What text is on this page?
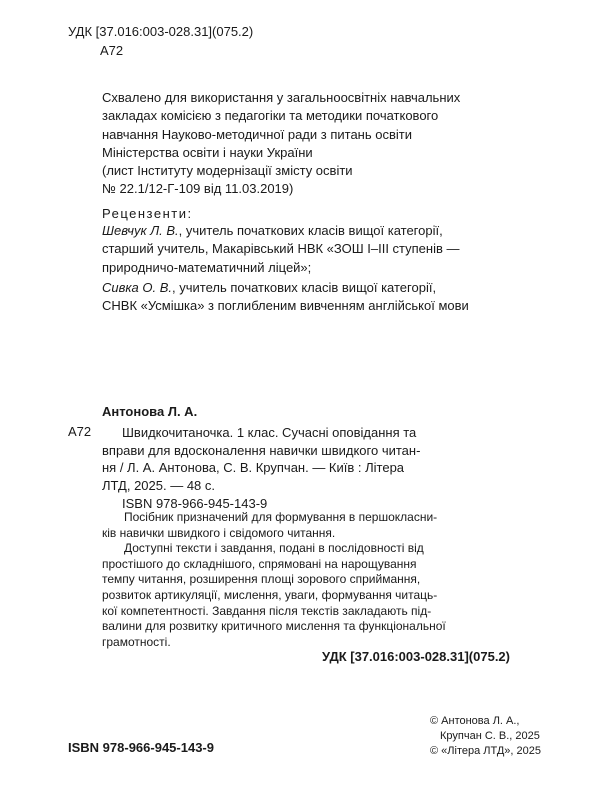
УДК [37.016:003-028.31](075.2)
А72
Схвалено для використання у загальноосвітніх навчальних
закладах комісією з педагогіки та методики початкового
навчання Науково-методичної ради з питань освіти
Міністерства освіти і науки України
(лист Інституту модернізації змісту освіти
№ 22.1/12-Г-109 від 11.03.2019)
Рецензенти:
Шевчук Л. В., учитель початкових класів вищої категорії,
старший учитель, Макарівський НВК «ЗОШ І–ІІІ ступенів —
природничо-математичний ліцей»;
Сивка О. В., учитель початкових класів вищої категорії,
СНВК «Усмішка» з поглибленим вивченням англійської мови
Антонова Л. А.
А72	Швидкочитаночка. 1 клас. Сучасні оповідання та
вправи для вдосконалення навички швидкого читан-
ня / Л. А. Антонова, С. В. Крупчан. — Київ : Літера
ЛТД, 2025. — 48 с.
ISBN 978-966-945-143-9
Посібник призначений для формування в першокласни-
ків навички швидкого і свідомого читання.
Доступні тексти і завдання, подані в послідовності від
простішого до складнішого, спрямовані на нарощування
темпу читання, розширення площі зорового сприймання,
розвиток артикуляції, мислення, уваги, формування читаць-
кої компетентності. Завдання після текстів закладають під-
валини для розвитку критичного мислення та функціональної
грамотності.
УДК [37.016:003-028.31](075.2)
ISBN 978-966-945-143-9
© Антонова Л. А.,
Крупчан С. В., 2025
© «Літера ЛТД», 2025
